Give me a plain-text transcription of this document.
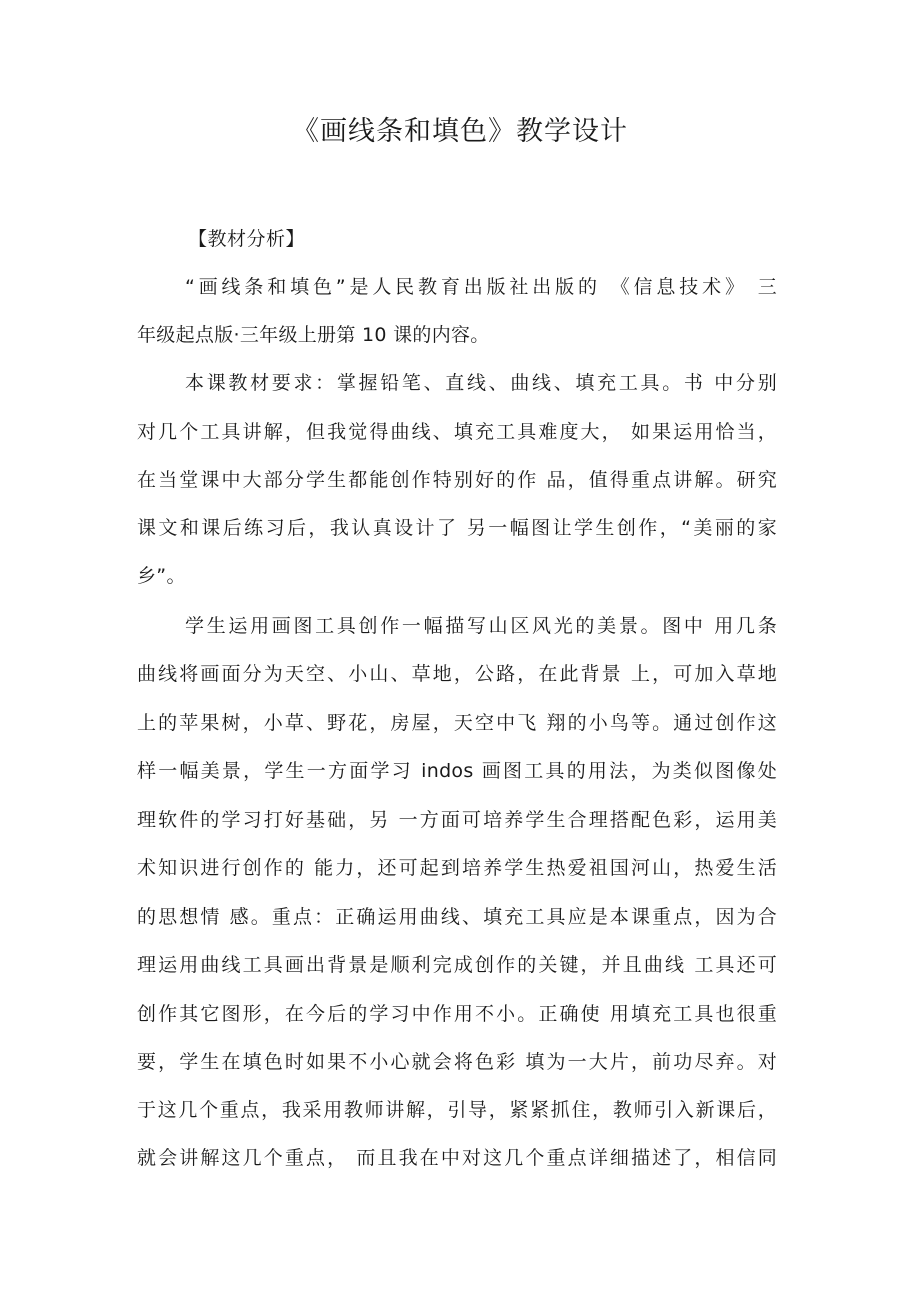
《画线条和填色》教学设计
【教材分析】
“画线条和填色”是人民教育出版社出版的 《信息技术》 三
年级起点版·三年级上册第 10 课的内容。
本课教材要求：掌握铅笔、直线、曲线、填充工具。书 中分别
对几个工具讲解，但我觉得曲线、填充工具难度大， 如果运用恰当，
在当堂课中大部分学生都能创作特别好的作 品，值得重点讲解。研究
课文和课后练习后，我认真设计了 另一幅图让学生创作，“美丽的家
乡”。
学生运用画图工具创作一幅描写山区风光的美景。图中 用几条
曲线将画面分为天空、小山、草地，公路，在此背景 上，可加入草地
上的苹果树，小草、野花，房屋，天空中飞 翔的小鸟等。通过创作这
样一幅美景，学生一方面学习 indos 画图工具的用法，为类似图像处
理软件的学习打好基础，另 一方面可培养学生合理搭配色彩，运用美
术知识进行创作的 能力，还可起到培养学生热爱祖国河山，热爱生活
的思想情 感。重点：正确运用曲线、填充工具应是本课重点，因为合
理运用曲线工具画出背景是顺利完成创作的关键，并且曲线 工具还可
创作其它图形，在今后的学习中作用不小。正确使 用填充工具也很重
要，学生在填色时如果不小心就会将色彩 填为一大片，前功尽弃。对
于这几个重点，我采用教师讲解，引导，紧紧抓住，教师引入新课后，
就会讲解这几个重点， 而且我在中对这几个重点详细描述了，相信同
